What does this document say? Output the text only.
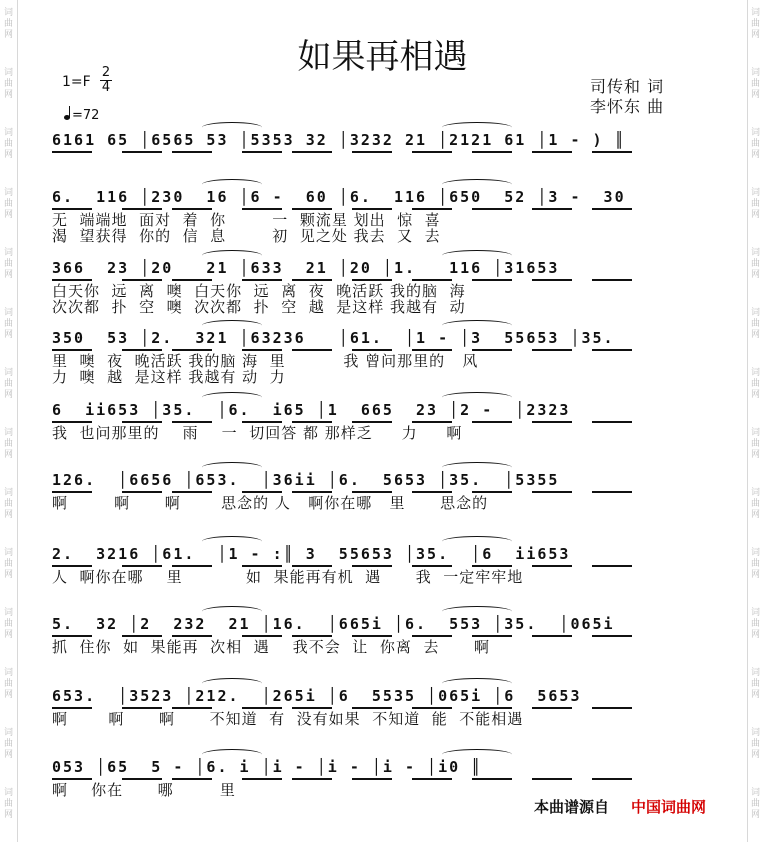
词
曲
网
词
曲
网
词
曲
网
词
曲
网
词
曲
网
词
曲
网
词
曲
网
词
曲
网
词
曲
网
词
曲
网
词
曲
网
词
曲
网
词
曲
网
词
曲
网
词
曲
网
词
曲
网
词
曲
网
词
曲
网
词
曲
网
词
曲
网
词
曲
网
词
曲
网
词
曲
网
词
曲
网
词
曲
网
词
曲
网
词
曲
网
词
曲
网
如果再相遇
1=F
2
4
=72
司传和 词
李怀东 曲
6161 65 │6565 53 │5353 32 │3232 21 │2121 61 │1 - ) ║
6.  116 │230  16 │6 -  60 │6.  116 │650  52 │3 -  30
无  端端地  面对  着  你        一  颗流星 划出  惊  喜
渴  望获得  你的  信  息        初  见之处 我去  又  去
366  23 │20   21 │633  21 │20 │1.   116 │31653
白天你  远  离  噢  白天你  远  离  夜  晚活跃 我的脑  海
次次都  扑  空  噢  次次都  扑  空  越  是这样 我越有  动
350  53 │2.  321 │63236   │61.  │1 - │3  55653 │35.
里  噢  夜  晚活跃 我的脑 海  里          我 曾问那里的   风
力  噢  越  是这样 我越有 动  力
6  ii653 │35.  │6.  i65 │1  665  23 │2 -  │2323
我  也问那里的    雨    一  切回答 都 那样乏     力     啊
126.  │6656 │653.  │36ii │6.  5653 │35.  │5355
啊        啊      啊       思念的 人   啊你在哪   里      思念的
2.  3216 │61.  │1 - :║ 3  55653 │35.  │6  ii653
人  啊你在哪    里           如  果能再有机  遇      我  一定牢牢地
5.  32 │2  232  21 │16.  │665i │6.  553 │35.  │065i
抓  住你  如  果能再  次相  遇    我不会  让  你离  去      啊
653.  │3523 │212.  │265i │6  5535 │065i │6  5653
啊       啊      啊      不知道  有  没有如果  不知道  能  不能相遇
053 │65  5 - │6. i │i - │i - │i - │i0 ║
啊    你在      哪        里
本曲谱源自 中国词曲网
